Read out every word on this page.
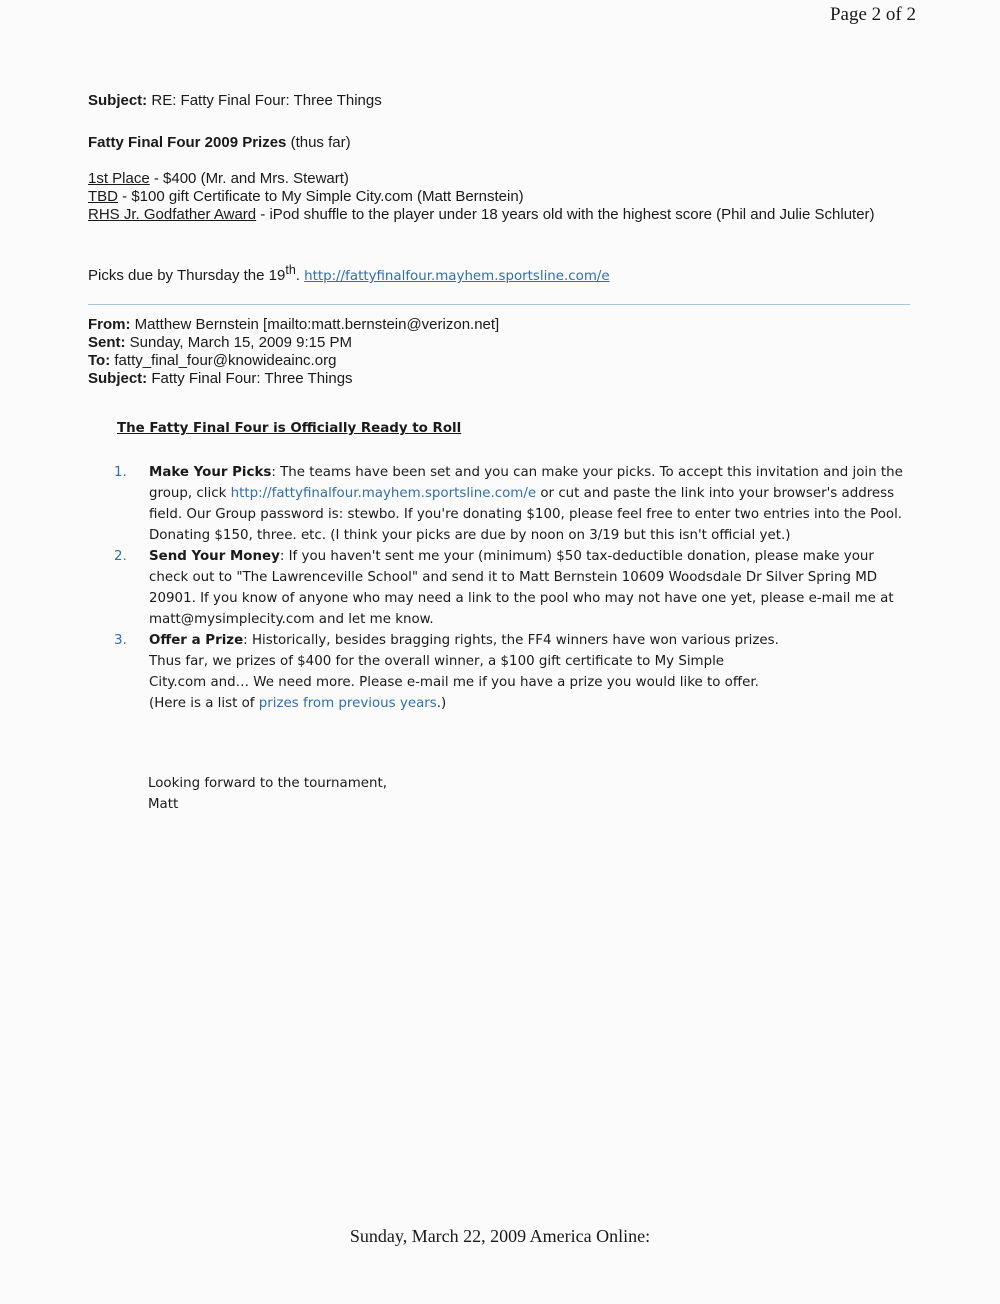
Page 2 of 2
Subject: RE: Fatty Final Four: Three Things
Fatty Final Four 2009 Prizes (thus far)
1st Place - $400 (Mr. and Mrs. Stewart)
TBD - $100 gift Certificate to My Simple City.com (Matt Bernstein)
RHS Jr. Godfather Award - iPod shuffle to the player under 18 years old with the highest score (Phil and Julie Schluter)
Picks due by Thursday the 19th. http://fattyfinalfour.mayhem.sportsline.com/e
From: Matthew Bernstein [mailto:matt.bernstein@verizon.net]
Sent: Sunday, March 15, 2009 9:15 PM
To: fatty_final_four@knowideainc.org
Subject: Fatty Final Four: Three Things
The Fatty Final Four is Officially Ready to Roll
1. Make Your Picks: The teams have been set and you can make your picks. To accept this invitation and join the group, click http://fattyfinalfour.mayhem.sportsline.com/e or cut and paste the link into your browser's address field. Our Group password is: stewbo. If you're donating $100, please feel free to enter two entries into the Pool. Donating $150, three. etc. (I think your picks are due by noon on 3/19 but this isn't official yet.)
2. Send Your Money: If you haven't sent me your (minimum) $50 tax-deductible donation, please make your check out to "The Lawrenceville School" and send it to Matt Bernstein 10609 Woodsdale Dr Silver Spring MD 20901. If you know of anyone who may need a link to the pool who may not have one yet, please e-mail me at matt@mysimplecity.com and let me know.
3. Offer a Prize: Historically, besides bragging rights, the FF4 winners have won various prizes.
Thus far, we prizes of $400 for the overall winner, a $100 gift certificate to My Simple
City.com and… We need more. Please e-mail me if you have a prize you would like to offer.
(Here is a list of prizes from previous years.)
Looking forward to the tournament,
Matt
Sunday, March 22, 2009 America Online:
